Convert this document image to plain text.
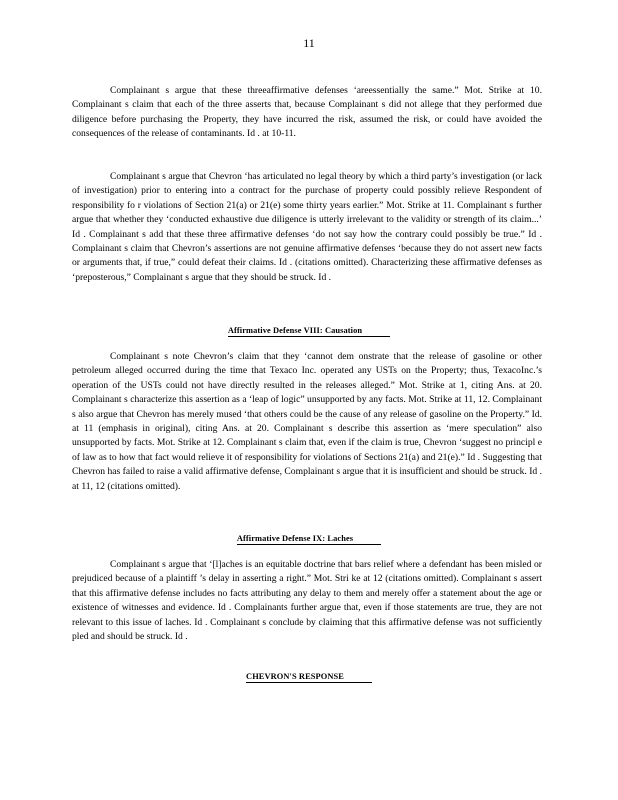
11

Complainant s argue that these threeaffirmative defenses ‘areessentially the same.” Mot. Strike at 10. Complainant s claim that each of the three asserts that, because Complainant s did not allege that they performed due diligence before purchasing the Property, they have incurred the risk, assumed the risk, or could have avoided the consequences of the release of contaminants. Id . at 10-11.

Complainant s argue that Chevron ‘has articulated no legal theory by which a third party’s investigation (or lack of investigation) prior to entering into a contract for the purchase of property could possibly relieve Respondent of responsibility fo r violations of Section 21(a) or 21(e) some thirty years earlier.” Mot. Strike at 11. Complainant s further argue that whether they ‘conducted exhaustive due diligence is utterly irrelevant to the validity or strength of its claim...’ Id . Complainant s add that these three affirmative defenses ‘do not say how the contrary could possibly be true.” Id . Complainant s claim that Chevron’s assertions are not genuine affirmative defenses ‘because they do not assert new facts or arguments that, if true,” could defeat their claims. Id . (citations omitted). Characterizing these affirmative defenses as ‘preposterous,” Complainant s argue that they should be struck. Id .

Affirmative Defense VIII: Causation

Complainant s note Chevron’s claim that they ‘cannot dem onstrate that the release of gasoline or other petroleum alleged occurred during the time that Texaco Inc. operated any USTs on the Property; thus, TexacoInc.’s operation of the USTs could not have directly resulted in the releases alleged.” Mot. Strike at 1, citing Ans. at 20. Complainant s characterize this assertion as a ‘leap of logic” unsupported by any facts. Mot. Strike at 11, 12. Complainant s also argue that Chevron has merely mused ‘that others could be the cause of any release of gasoline on the Property.” Id. at 11 (emphasis in original), citing Ans. at 20. Complainant s describe this assertion as ‘mere speculation” also unsupported by facts. Mot. Strike at 12. Complainant s claim that, even if the claim is true, Chevron ‘suggest no principl e of law as to how that fact would relieve it of responsibility for violations of Sections 21(a) and 21(e).” Id . Suggesting that Chevron has failed to raise a valid affirmative defense, Complainant s argue that it is insufficient and should be struck. Id . at 11, 12 (citations omitted).

Affirmative Defense IX: Laches

Complainant s argue that ‘[l]aches is an equitable doctrine that bars relief where a defendant has been misled or prejudiced because of a plaintiff ’s delay in asserting a right.” Mot. Stri ke at 12 (citations omitted). Complainant s assert that this affirmative defense includes no facts attributing any delay to them and merely offer a statement about the age or existence of witnesses and evidence. Id . Complainants further argue that, even if those statements are true, they are not relevant to this issue of laches. Id . Complainant s conclude by claiming that this affirmative defense was not sufficiently pled and should be struck. Id .

CHEVRON'S RESPONSE
